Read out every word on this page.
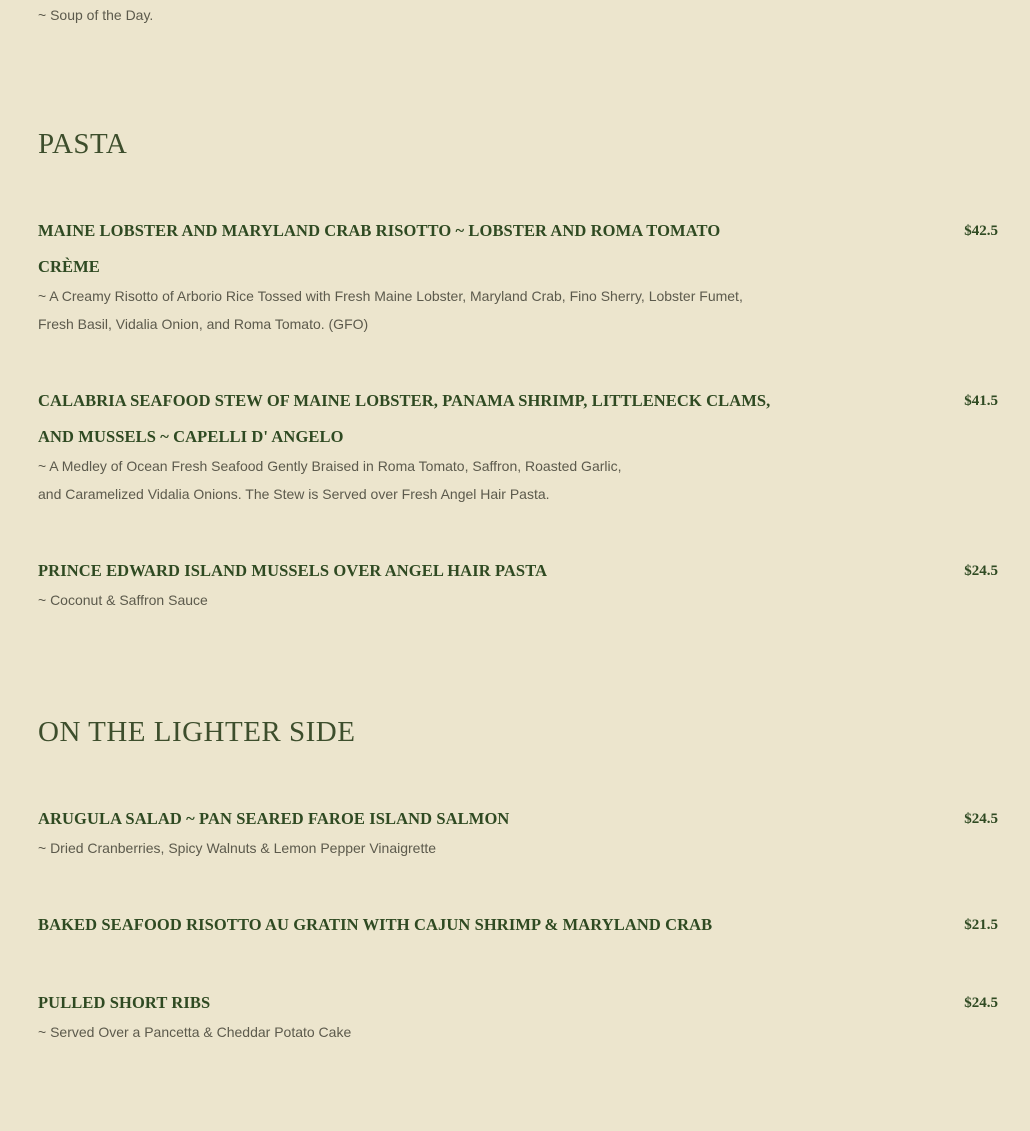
~ Soup of the Day.
PASTA
MAINE LOBSTER AND MARYLAND CRAB RISOTTO ~ LOBSTER AND ROMA TOMATO CRÈME
$42.5
~ A Creamy Risotto of Arborio Rice Tossed with Fresh Maine Lobster, Maryland Crab, Fino Sherry, Lobster Fumet,
Fresh Basil, Vidalia Onion, and Roma Tomato. (GFO)
CALABRIA SEAFOOD STEW OF MAINE LOBSTER, PANAMA SHRIMP, LITTLENECK CLAMS, AND MUSSELS ~ CAPELLI D' ANGELO
$41.5
~ A Medley of Ocean Fresh Seafood Gently Braised in Roma Tomato, Saffron, Roasted Garlic,
and Caramelized Vidalia Onions. The Stew is Served over Fresh Angel Hair Pasta.
PRINCE EDWARD ISLAND MUSSELS OVER ANGEL HAIR PASTA	$24.5
~ Coconut & Saffron Sauce
ON THE LIGHTER SIDE
ARUGULA SALAD ~ PAN SEARED FAROE ISLAND SALMON	$24.5
~ Dried Cranberries, Spicy Walnuts & Lemon Pepper Vinaigrette
BAKED SEAFOOD RISOTTO AU GRATIN WITH CAJUN SHRIMP & MARYLAND CRAB	$21.5
PULLED SHORT RIBS	$24.5
~ Served Over a Pancetta & Cheddar Potato Cake
